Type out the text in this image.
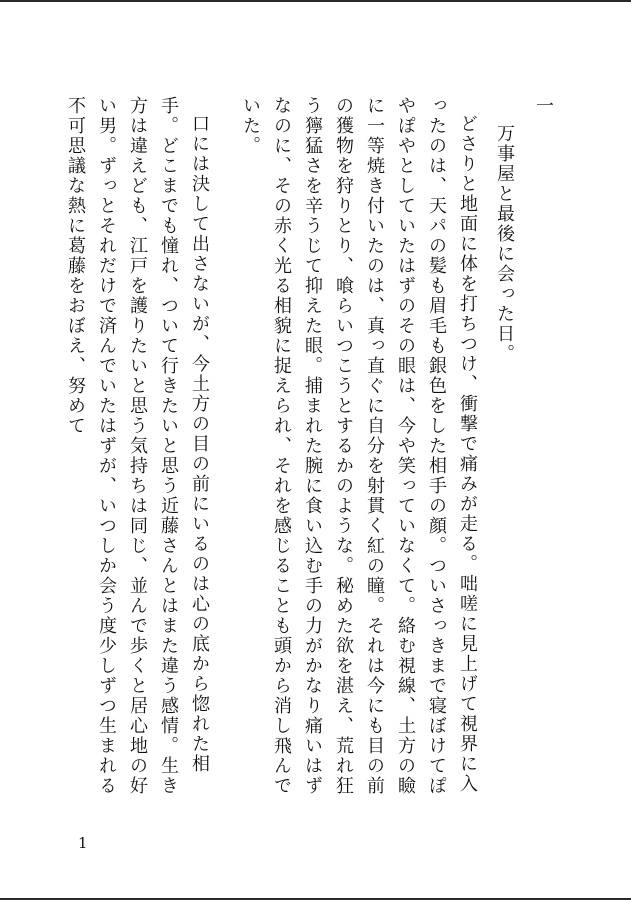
一
万事屋と最後に会った日。

どさりと地面に体を打ちつけ、衝撃で痛みが走る。咄嗟に見上げて視界に入ったのは、天パの髪も眉毛も銀色をした相手の顔。ついさっきまで寝ぼけてぽやぽやとしていたはずのその眼は、今や笑っていなくて。絡む視線、土方の瞼に一等焼き付いたのは、真っ直ぐに自分を射貫く紅の瞳。それは今にも目の前の獲物を狩りとり、喰らいつこうとするかのような。秘めた欲を湛え、荒れ狂う獰猛さを辛うじて抑えた眼。捕まれた腕に食い込む手の力がかなり痛いはずなのに、その赤く光る相貌に捉えられ、それを感じることも頭から消し飛んでいた。

口には決して出さないが、今土方の目の前にいるのは心の底から惚れた相手。どこまでも憧れ、ついて行きたいと思う近藤さんとはまた違う感情。生き方は違えども、江戸を護りたいと思う気持ちは同じ、並んで歩くと居心地の好い男。ずっとそれだけで済んでいたはずが、いつしか会う度少しずつ生まれる不可思議な熱に葛藤をおぼえ、努めて

1
